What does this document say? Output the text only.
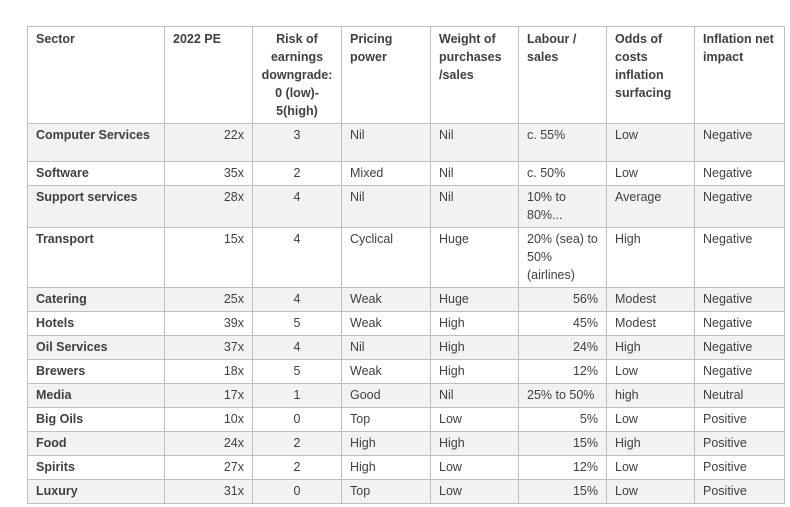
Sector	2022 PE	Risk of earnings downgrade: 0 (low)- 5(high)	Pricing power	Weight of purchases /sales	Labour / sales	Odds of costs inflation surfacing	Inflation net impact
Computer Services	22x	3	Nil	Nil	c. 55%	Low	Negative
Software	35x	2	Mixed	Nil	c. 50%	Low	Negative
Support services	28x	4	Nil	Nil	10% to 80%...	Average	Negative
Transport	15x	4	Cyclical	Huge	20% (sea) to 50% (airlines)	High	Negative
Catering	25x	4	Weak	Huge	56%	Modest	Negative
Hotels	39x	5	Weak	High	45%	Modest	Negative
Oil Services	37x	4	Nil	High	24%	High	Negative
Brewers	18x	5	Weak	High	12%	Low	Negative
Media	17x	1	Good	Nil	25% to 50%	high	Neutral
Big Oils	10x	0	Top	Low	5%	Low	Positive
Food	24x	2	High	High	15%	High	Positive
Spirits	27x	2	High	Low	12%	Low	Positive
Luxury	31x	0	Top	Low	15%	Low	Positive
